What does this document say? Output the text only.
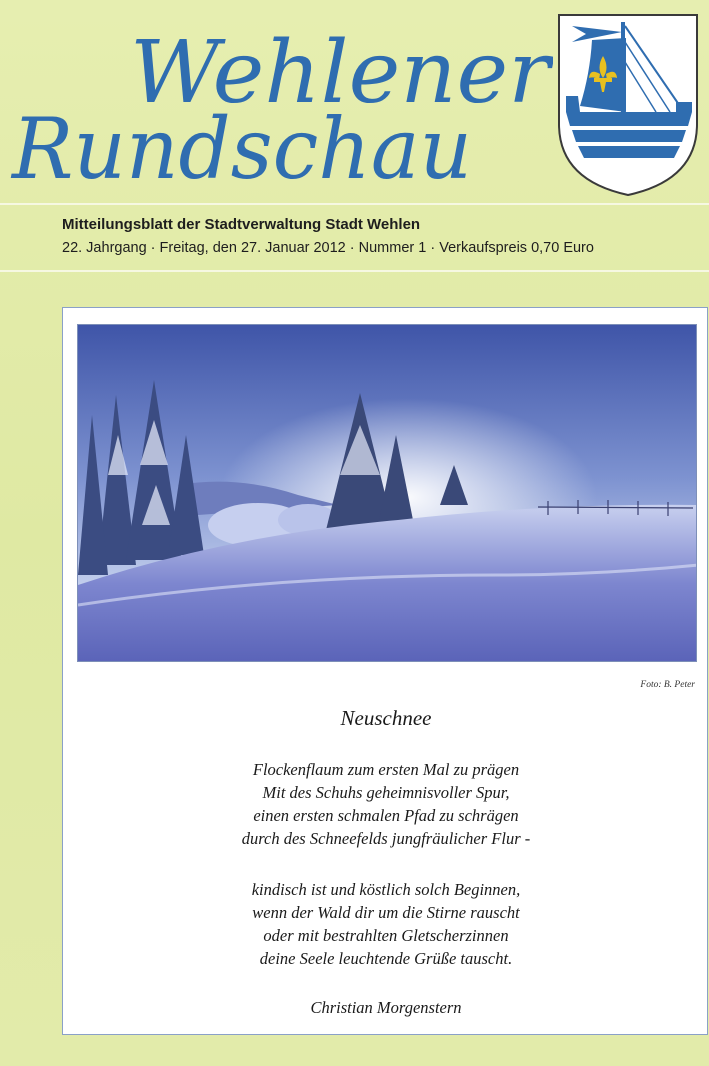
Wehlener
Rundschau
Mitteilungsblatt der Stadtverwaltung Stadt Wehlen
22. Jahrgang · Freitag, den 27. Januar 2012 · Nummer 1 · Verkaufspreis 0,70 Euro
Foto: B. Peter
Neuschnee
Flockenflaum zum ersten Mal zu prägen
Mit des Schuhs geheimnisvoller Spur,
einen ersten schmalen Pfad zu schrägen
durch des Schneefelds jungfräulicher Flur -
kindisch ist und köstlich solch Beginnen,
wenn der Wald dir um die Stirne rauscht
oder mit bestrahlten Gletscherzinnen
deine Seele leuchtende Grüße tauscht.
Christian Morgenstern
